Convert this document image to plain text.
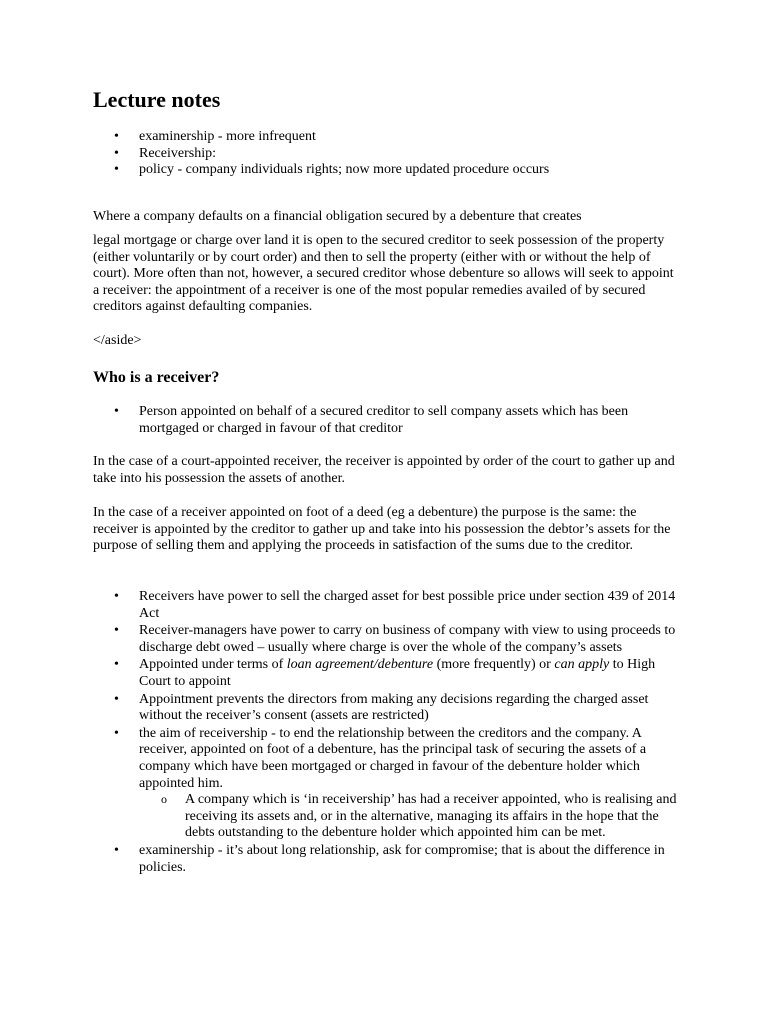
Lecture notes
• examinership - more infrequent
• Receivership:
• policy - company individuals rights; now more updated procedure occurs

Where a company defaults on a financial obligation secured by a debenture that creates

legal mortgage or charge over land it is open to the secured creditor to seek possession of the property (either voluntarily or by court order) and then to sell the property (either with or without the help of court). More often than not, however, a secured creditor whose debenture so allows will seek to appoint a receiver: the appointment of a receiver is one of the most popular remedies availed of by secured creditors against defaulting companies.

</aside>

Who is a receiver?
• Person appointed on behalf of a secured creditor to sell company assets which has been mortgaged or charged in favour of that creditor

In the case of a court-appointed receiver, the receiver is appointed by order of the court to gather up and take into his possession the assets of another.

In the case of a receiver appointed on foot of a deed (eg a debenture) the purpose is the same: the receiver is appointed by the creditor to gather up and take into his possession the debtor’s assets for the purpose of selling them and applying the proceeds in satisfaction of the sums due to the creditor.

• Receivers have power to sell the charged asset for best possible price under section 439 of 2014 Act
• Receiver-managers have power to carry on business of company with view to using proceeds to discharge debt owed – usually where charge is over the whole of the company’s assets
• Appointed under terms of loan agreement/debenture (more frequently) or can apply to High Court to appoint
• Appointment prevents the directors from making any decisions regarding the charged asset without the receiver’s consent (assets are restricted)
• the aim of receivership - to end the relationship between the creditors and the company. A receiver, appointed on foot of a debenture, has the principal task of securing the assets of a company which have been mortgaged or charged in favour of the debenture holder which appointed him.
o A company which is ‘in receivership’ has had a receiver appointed, who is realising and receiving its assets and, or in the alternative, managing its affairs in the hope that the debts outstanding to the debenture holder which appointed him can be met.
• examinership - it’s about long relationship, ask for compromise; that is about the difference in policies.
